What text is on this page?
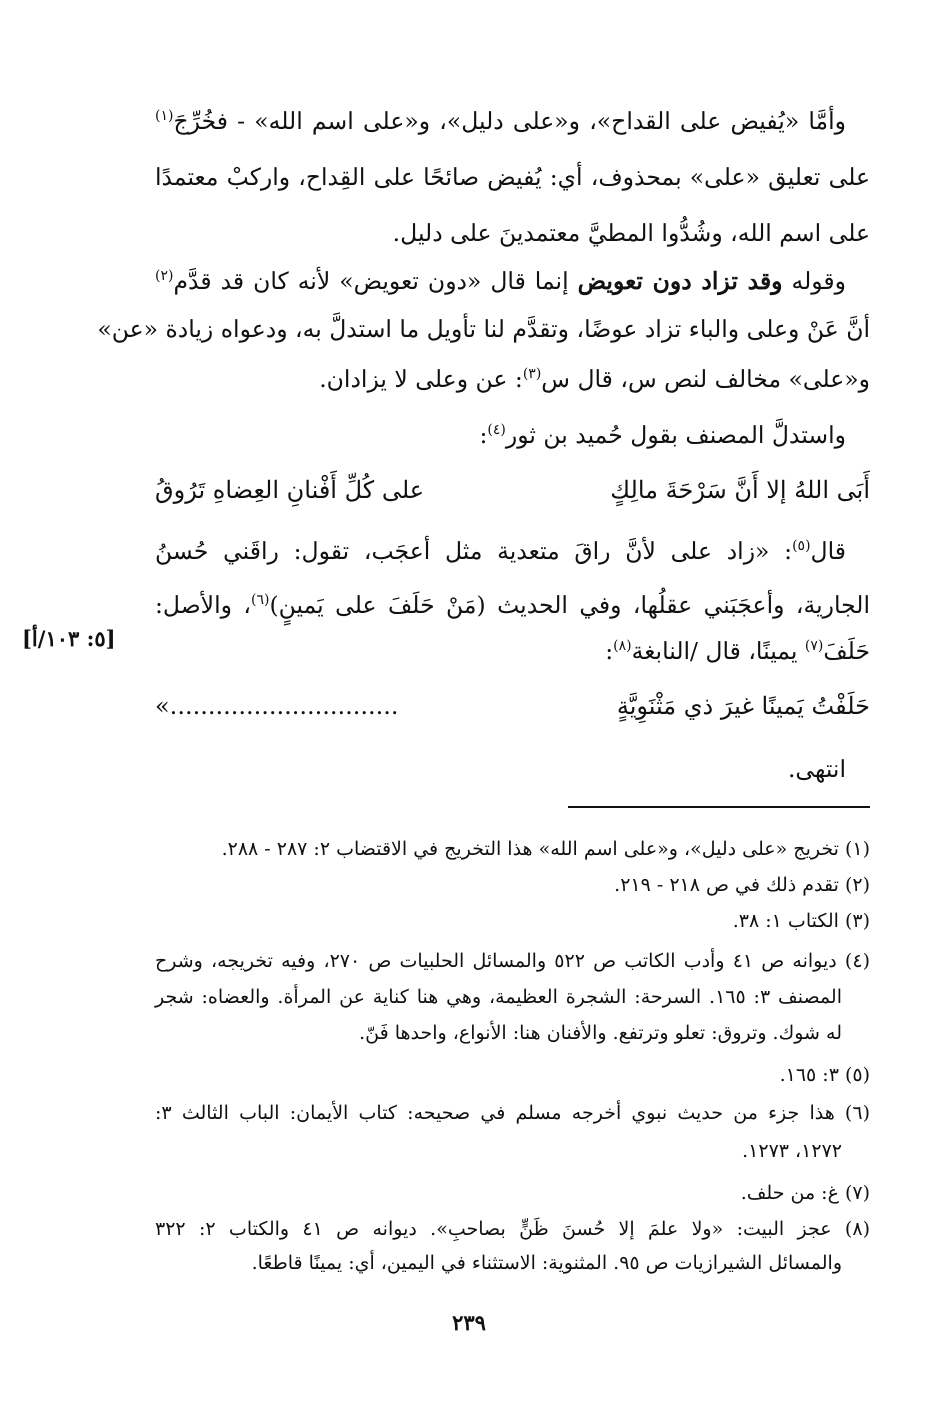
[٥: ١٠٣/أ]
وأمَّا «يُفيض على القداح»، و«على دليل»، و«على اسم الله» - فخُرِّجَ$^{(١)}$
على تعليق «على» بمحذوف، أي: يُفيض صائحًا على القِداح، واركبْ معتمدًا
على اسم الله، وشُدُّوا المطيَّ معتمدينَ على دليل.
وقوله وقد تزاد دون تعويض إنما قال «دون تعويض» لأنه كان قد قدَّم$^{(٢)}$
أنَّ عَنْ وعلى والباء تزاد عوضًا، وتقدَّم لنا تأويل ما استدلَّ به، ودعواه زيادة «عن»
و«على» مخالف لنص س، قال س$^{(٣)}$: عن وعلى لا يزادان.
واستدلَّ المصنف بقول حُميد بن ثور$^{(٤)}$:
أَبَى اللهُ إلا أَنَّ سَرْحَةَ مالِكٍ
على كُلِّ أَفْنانِ العِضاهِ تَرُوقُ
قال$^{(٥)}$: «زاد على لأنَّ راقَ متعدية مثل أعجَب، تقول: راقَني حُسنُ
الجارية، وأعجَبَني عقلُها، وفي الحديث (مَنْ حَلَفَ على يَمينٍ)$^{(٦)}$، والأصل:
حَلَفَ$^{(٧)}$ يمينًا، قال /النابغة$^{(٨)}$:
حَلَفْتُ يَمينًا غيرَ ذي مَثْنَوِيَّةٍ
..............................»
انتهى.
(١) تخريج «على دليل»، و«على اسم الله» هذا التخريج في الاقتضاب ٢: ٢٨٧ - ٢٨٨.
(٢) تقدم ذلك في ص ٢١٨ - ٢١٩.
(٣) الكتاب ١: ٣٨.
(٤) ديوانه ص ٤١ وأدب الكاتب ص ٥٢٢ والمسائل الحلبيات ص ٢٧٠، وفيه تخريجه، وشرح
المصنف ٣: ١٦٥. السرحة: الشجرة العظيمة، وهي هنا كناية عن المرأة. والعضاه: شجر
له شوك. وتروق: تعلو وترتفع. والأفنان هنا: الأنواع، واحدها فَنّ.
(٥) ٣: ١٦٥.
(٦) هذا جزء من حديث نبوي أخرجه مسلم في صحيحه: كتاب الأيمان: الباب الثالث ٣:
١٢٧٢، ١٢٧٣.
(٧) غ: من حلف.
(٨) عجز البيت: «ولا علمَ إلا حُسنَ ظَنٍّ بصاحبِ». ديوانه ص ٤١ والكتاب ٢: ٣٢٢
والمسائل الشيرازيات ص ٩٥. المثنوية: الاستثناء في اليمين، أي: يمينًا قاطعًا.
٢٣٩
